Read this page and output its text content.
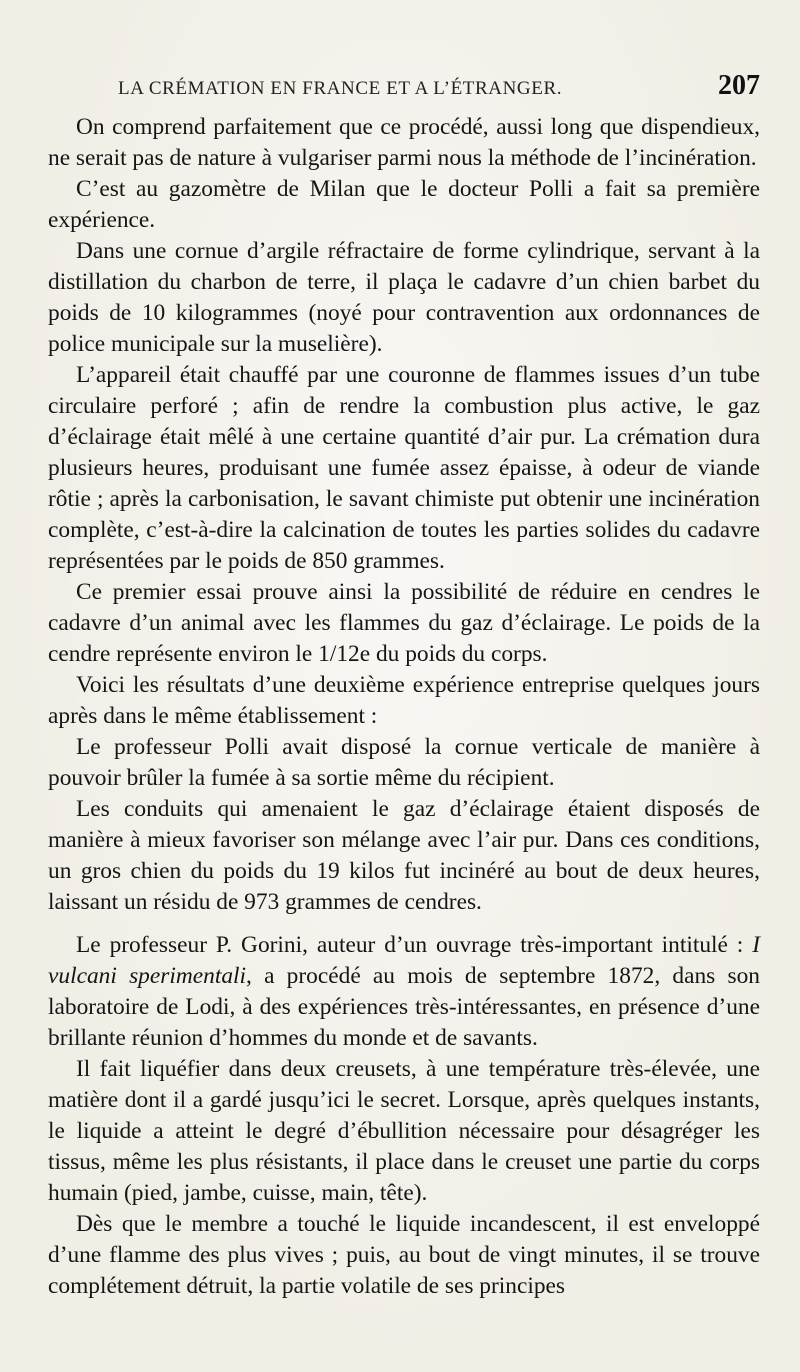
LA CRÉMATION EN FRANCE ET A L’ÉTRANGER.	207

On comprend parfaitement que ce procédé, aussi long que dispendieux, ne serait pas de nature à vulgariser parmi nous la méthode de l’incinération.

C’est au gazomètre de Milan que le docteur Polli a fait sa première expérience.

Dans une cornue d’argile réfractaire de forme cylindrique, servant à la distillation du charbon de terre, il plaça le cadavre d’un chien barbet du poids de 10 kilogrammes (noyé pour contravention aux ordonnances de police municipale sur la muselière).

L’appareil était chauffé par une couronne de flammes issues d’un tube circulaire perforé ; afin de rendre la combustion plus active, le gaz d’éclairage était mêlé à une certaine quantité d’air pur. La crémation dura plusieurs heures, produisant une fumée assez épaisse, à odeur de viande rôtie ; après la carbonisation, le savant chimiste put obtenir une incinération complète, c’est-à-dire la calcination de toutes les parties solides du cadavre représentées par le poids de 850 grammes.

Ce premier essai prouve ainsi la possibilité de réduire en cendres le cadavre d’un animal avec les flammes du gaz d’éclairage. Le poids de la cendre représente environ le 1/12e du poids du corps.

Voici les résultats d’une deuxième expérience entreprise quelques jours après dans le même établissement :

Le professeur Polli avait disposé la cornue verticale de manière à pouvoir brûler la fumée à sa sortie même du récipient.

Les conduits qui amenaient le gaz d’éclairage étaient disposés de manière à mieux favoriser son mélange avec l’air pur. Dans ces conditions, un gros chien du poids du 19 kilos fut incinéré au bout de deux heures, laissant un résidu de 973 grammes de cendres.

Le professeur P. Gorini, auteur d’un ouvrage très-important intitulé : I vulcani sperimentali, a procédé au mois de septembre 1872, dans son laboratoire de Lodi, à des expériences très-intéressantes, en présence d’une brillante réunion d’hommes du monde et de savants.

Il fait liquéfier dans deux creusets, à une température très-élevée, une matière dont il a gardé jusqu’ici le secret. Lorsque, après quelques instants, le liquide a atteint le degré d’ébullition nécessaire pour désagréger les tissus, même les plus résistants, il place dans le creuset une partie du corps humain (pied, jambe, cuisse, main, tête).

Dès que le membre a touché le liquide incandescent, il est enveloppé d’une flamme des plus vives ; puis, au bout de vingt minutes, il se trouve complétement détruit, la partie volatile de ses principes
